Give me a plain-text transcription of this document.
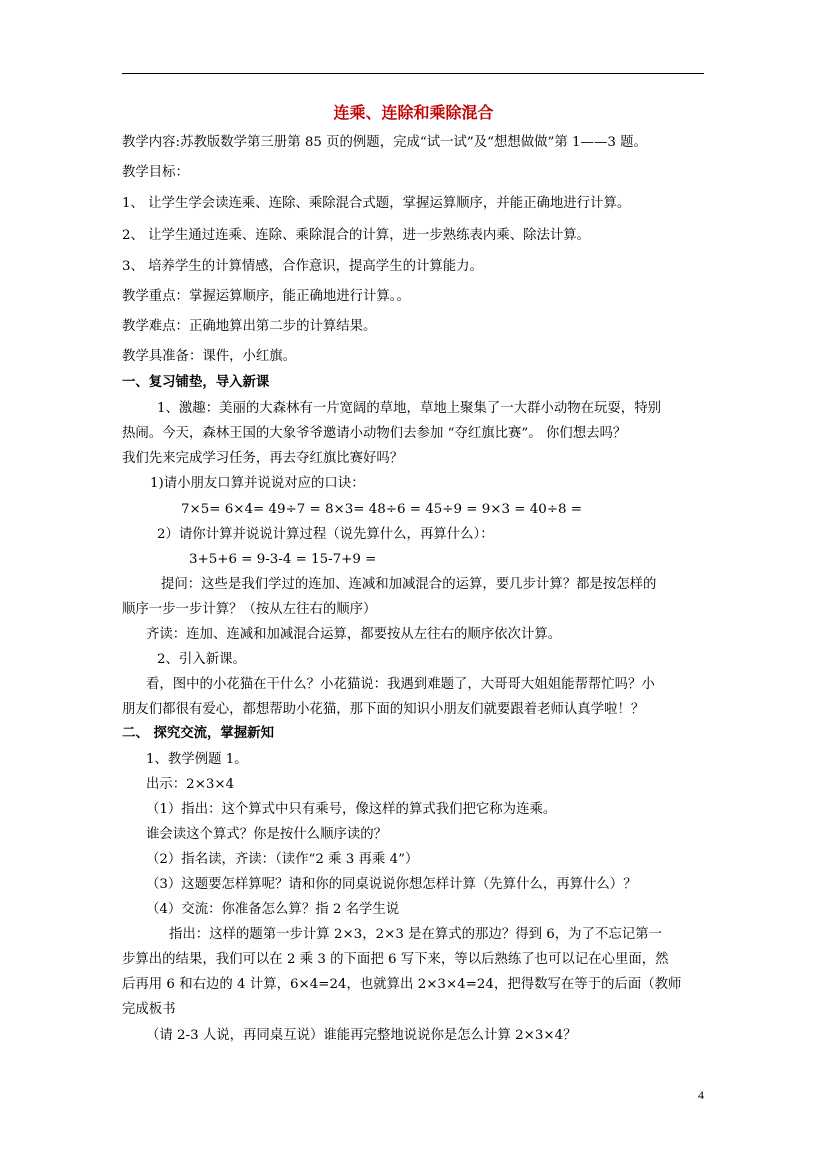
连乘、连除和乘除混合
教学内容:苏教版数学第三册第 85 页的例题，完成“试一试”及“想想做做”第 1——3 题。
教学目标：
1、 让学生学会读连乘、连除、乘除混合式题，掌握运算顺序，并能正确地进行计算。
2、 让学生通过连乘、连除、乘除混合的计算，进一步熟练表内乘、除法计算。
3、 培养学生的计算情感，合作意识，提高学生的计算能力。
教学重点：掌握运算顺序，能正确地进行计算。。
教学难点：正确地算出第二步的计算结果。
教学具准备：课件，小红旗。
一、复习铺垫，导入新课
1、激趣：美丽的大森林有一片宽阔的草地，草地上聚集了一大群小动物在玩耍，特别
热闹。今天，森林王国的大象爷爷邀请小动物们去参加 “夺红旗比赛”。 你们想去吗？
我们先来完成学习任务，再去夺红旗比赛好吗？
1)请小朋友口算并说说对应的口诀：
7×5= 6×4= 49÷7 = 8×3= 48÷6 = 45÷9 = 9×3 = 40÷8 =
2）请你计算并说说计算过程（说先算什么，再算什么）：
3+5+6 = 9-3-4 = 15-7+9 =
提问：这些是我们学过的连加、连减和加减混合的运算，要几步计算？都是按怎样的
顺序一步一步计算？（按从左往右的顺序）
齐读：连加、连减和加减混合运算，都要按从左往右的顺序依次计算。
2、引入新课。
看，图中的小花猫在干什么？小花猫说：我遇到难题了，大哥哥大姐姐能帮帮忙吗？小
朋友们都很有爱心，都想帮助小花猫，那下面的知识小朋友们就要跟着老师认真学啦！？
二、 探究交流，掌握新知
1、教学例题 1。
出示：2×3×4
（1）指出：这个算式中只有乘号，像这样的算式我们把它称为连乘。
谁会读这个算式？你是按什么顺序读的？
（2）指名读，齐读：（读作“2 乘 3 再乘 4”）
（3）这题要怎样算呢？请和你的同桌说说你想怎样计算（先算什么，再算什么）？
（4）交流：你准备怎么算？指 2 名学生说
指出：这样的题第一步计算 2×3，2×3 是在算式的那边？得到 6，为了不忘记第一
步算出的结果，我们可以在 2 乘 3 的下面把 6 写下来，等以后熟练了也可以记在心里面，然
后再用 6 和右边的 4 计算，6×4=24，也就算出 2×3×4=24，把得数写在等于的后面（教师
完成板书
（请 2-3 人说，再同桌互说）谁能再完整地说说你是怎么计算 2×3×4？
4
